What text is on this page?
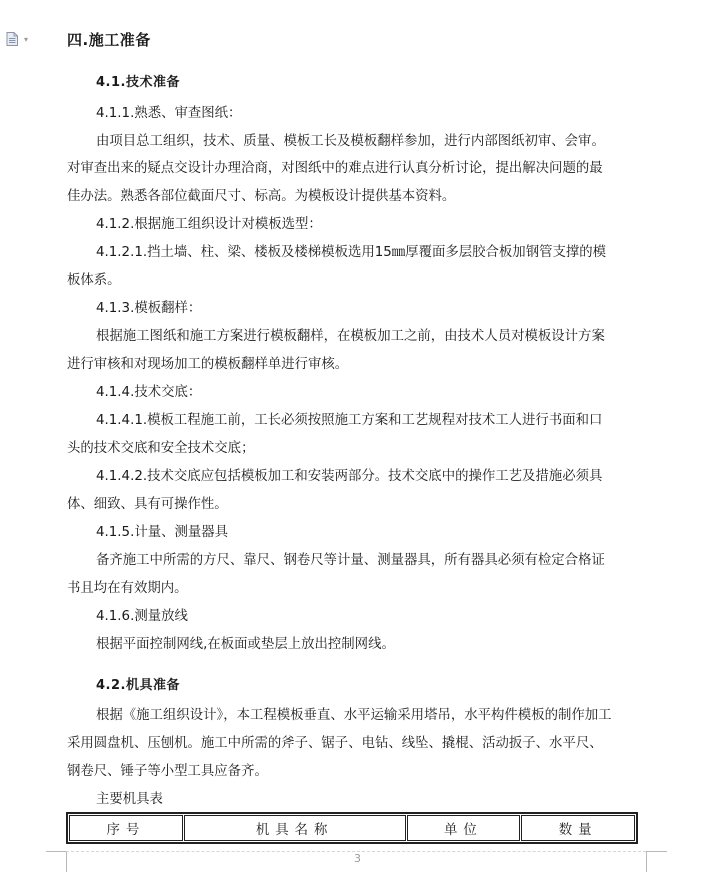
▾	四.施工准备
4.1.技术准备
4.1.1.熟悉、审查图纸：
由项目总工组织，技术、质量、模板工长及模板翻样参加，进行内部图纸初审、会审。
对审查出来的疑点交设计办理洽商，对图纸中的难点进行认真分析讨论，提出解决问题的最
佳办法。熟悉各部位截面尺寸、标高。为模板设计提供基本资料。
4.1.2.根据施工组织设计对模板选型：
4.1.2.1.挡土墙、柱、梁、楼板及楼梯模板选用15㎜厚覆面多层胶合板加钢管支撑的模
板体系。
4.1.3.模板翻样：
根据施工图纸和施工方案进行模板翻样，在模板加工之前，由技术人员对模板设计方案
进行审核和对现场加工的模板翻样单进行审核。
4.1.4.技术交底：
4.1.4.1.模板工程施工前，工长必须按照施工方案和工艺规程对技术工人进行书面和口
头的技术交底和安全技术交底；
4.1.4.2.技术交底应包括模板加工和安装两部分。技术交底中的操作工艺及措施必须具
体、细致、具有可操作性。
4.1.5.计量、测量器具
备齐施工中所需的方尺、靠尺、钢卷尺等计量、测量器具，所有器具必须有检定合格证
书且均在有效期内。
4.1.6.测量放线
根据平面控制网线,在板面或垫层上放出控制网线。
4.2.机具准备
根据《施工组织设计》，本工程模板垂直、水平运输采用塔吊，水平构件模板的制作加工
采用圆盘机、压刨机。施工中所需的斧子、锯子、电钻、线坠、撬棍、活动扳子、水平尺、
钢卷尺、锤子等小型工具应备齐。
主要机具表
序号	机具名称	单位	数量
3
